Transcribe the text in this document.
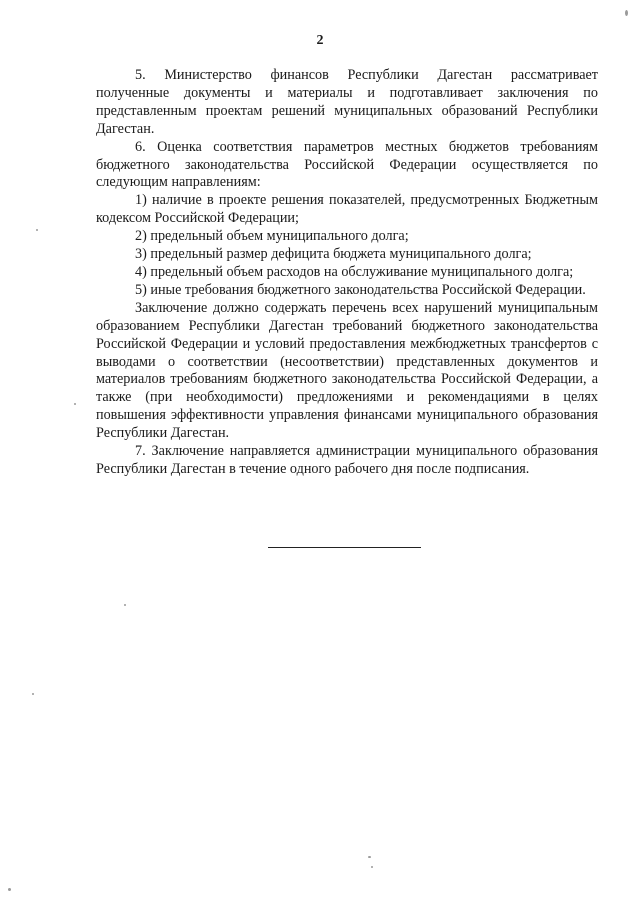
2

5. Министерство финансов Республики Дагестан рассматривает полученные документы и материалы и подготавливает заключения по представленным проектам решений муниципальных образований Республики Дагестан.

6. Оценка соответствия параметров местных бюджетов требованиям бюджетного законодательства Российской Федерации осуществляется по следующим направлениям:

1) наличие в проекте решения показателей, предусмотренных Бюджетным кодексом Российской Федерации;

2) предельный объем муниципального долга;

3) предельный размер дефицита бюджета муниципального долга;

4) предельный объем расходов на обслуживание муниципального долга;

5) иные требования бюджетного законодательства Российской Федерации.

Заключение должно содержать перечень всех нарушений муниципальным образованием Республики Дагестан требований бюджетного законодательства Российской Федерации и условий предоставления межбюджетных трансфертов с выводами о соответствии (несоответствии) представленных документов и материалов требованиям бюджетного законодательства Российской Федерации, а также (при необходимости) предложениями и рекомендациями в целях повышения эффективности управления финансами муниципального образования Республики Дагестан.

7. Заключение направляется администрации муниципального образования Республики Дагестан в течение одного рабочего дня после подписания.
